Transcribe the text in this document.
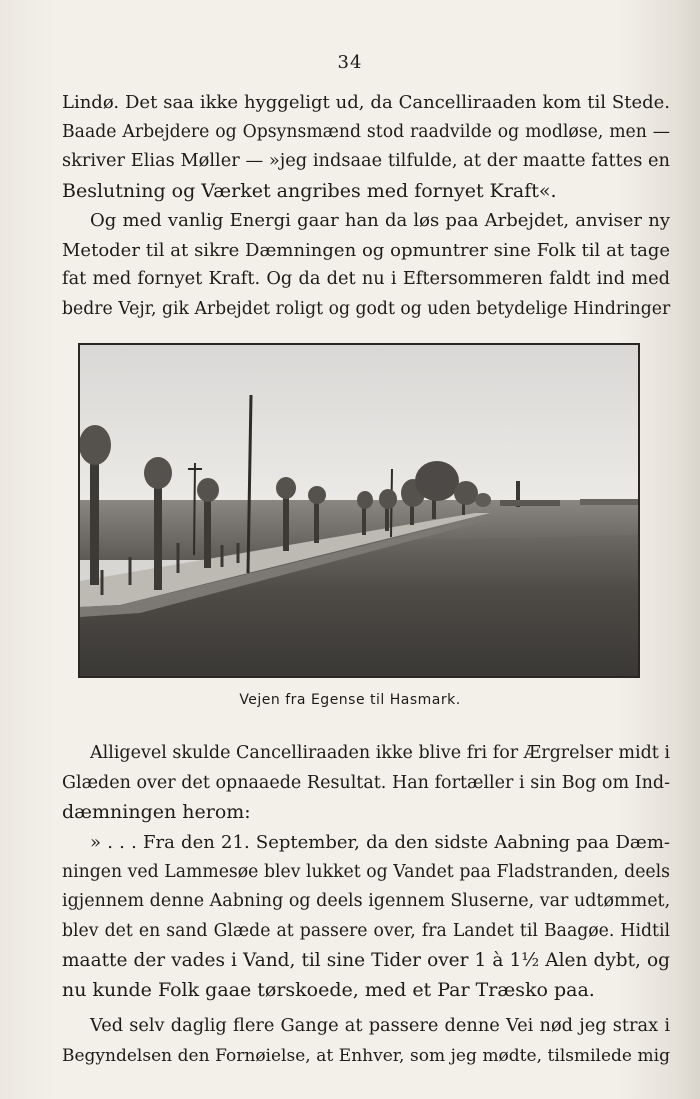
34
Lindø. Det saa ikke hyggeligt ud, da Cancelliraaden kom til Stede.
Baade Arbejdere og Opsynsmænd stod raadvilde og modløse, men —
skriver Elias Møller — »jeg indsaae tilfulde, at der maatte fattes en
Beslutning og Værket angribes med fornyet Kraft«.
Og med vanlig Energi gaar han da løs paa Arbejdet, anviser ny
Metoder til at sikre Dæmningen og opmuntrer sine Folk til at tage
fat med fornyet Kraft. Og da det nu i Eftersommeren faldt ind med
bedre Vejr, gik Arbejdet roligt og godt og uden betydelige Hindringer
Vejen fra Egense til Hasmark.
Alligevel skulde Cancelliraaden ikke blive fri for Ærgrelser midt i
Glæden over det opnaaede Resultat. Han fortæller i sin Bog om Ind-
dæmningen herom:
» . . . Fra den 21. September, da den sidste Aabning paa Dæm-
ningen ved Lammesøe blev lukket og Vandet paa Fladstranden, deels
igjennem denne Aabning og deels igennem Sluserne, var udtømmet,
blev det en sand Glæde at passere over, fra Landet til Baagøe. Hidtil
maatte der vades i Vand, til sine Tider over 1 à 1½ Alen dybt, og
nu kunde Folk gaae tørskoede, med et Par Træsko paa.
Ved selv daglig flere Gange at passere denne Vei nød jeg strax i
Begyndelsen den Fornøielse, at Enhver, som jeg mødte, tilsmilede mig
